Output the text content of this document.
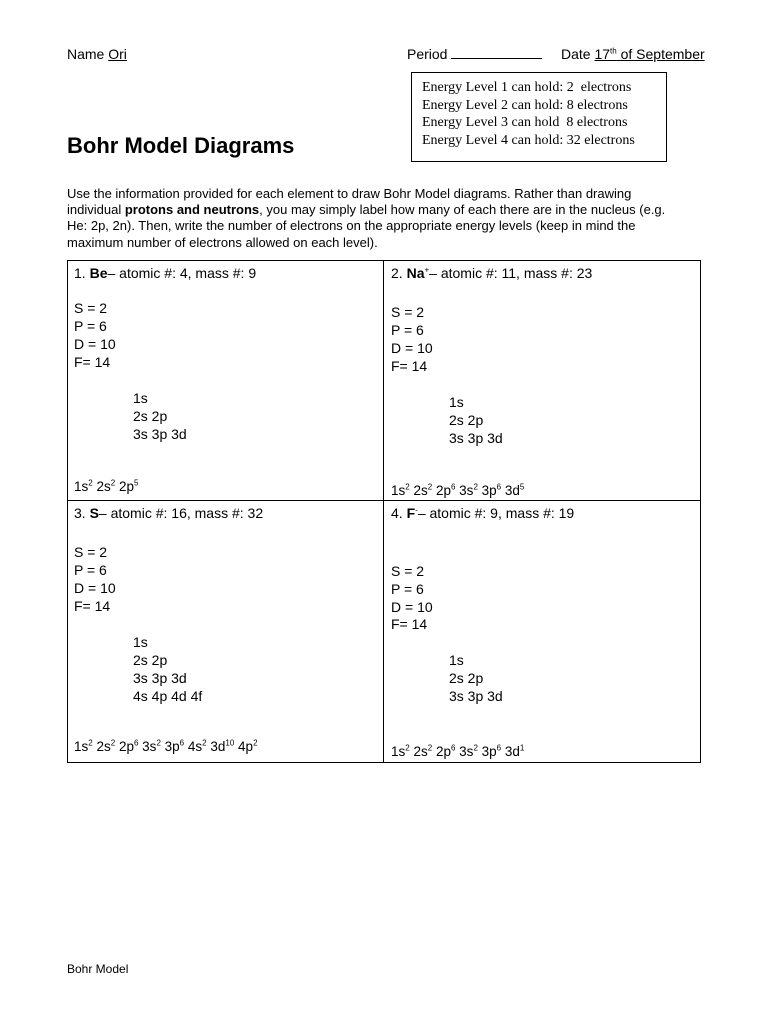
Name Ori	Period	Date 17th of September
Energy Level 1 can hold: 2  electrons
Energy Level 2 can hold: 8 electrons
Energy Level 3 can hold  8 electrons
Energy Level 4 can hold: 32 electrons
Bohr Model Diagrams
Use the information provided for each element to draw Bohr Model diagrams. Rather than drawing
individual protons and neutrons, you may simply label how many of each there are in the nucleus (e.g.
He: 2p, 2n). Then, write the number of electrons on the appropriate energy levels (keep in mind the
maximum number of electrons allowed on each level).
1. Be– atomic #: 4, mass #: 9
S = 2
P = 6
D = 10
F= 14
1s
2s 2p
3s 3p 3d
$1s^2$ $2s^2$ $2p^5$
2. Na+– atomic #: 11, mass #: 23
S = 2
P = 6
D = 10
F= 14
1s
2s 2p
3s 3p 3d
$1s^2$ $2s^2$ $2p^6$ $3s^2$ $3p^6$ $3d^5$
3. S– atomic #: 16, mass #: 32
S = 2
P = 6
D = 10
F= 14
1s
2s 2p
3s 3p 3d
4s 4p 4d 4f
$1s^2$ $2s^2$ $2p^6$ $3s^2$ $3p^6$ $4s^2$ $3d^{10}$ $4p^2$
4. F-– atomic #: 9, mass #: 19
S = 2
P = 6
D = 10
F= 14
1s
2s 2p
3s 3p 3d
$1s^2$ $2s^2$ $2p^6$ $3s^2$ $3p^6$ $3d^1$
Bohr Model
